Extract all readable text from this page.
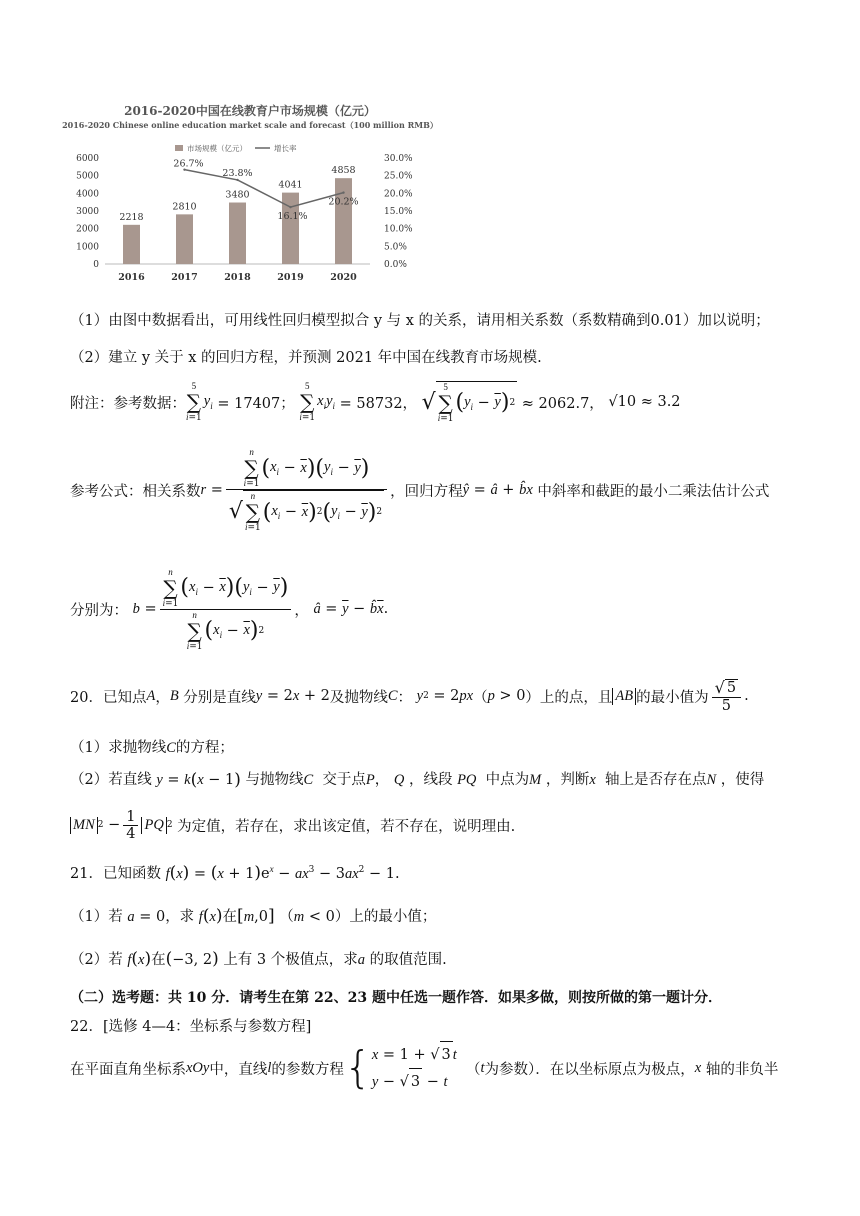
2016-2020中国在线教育户市场规模（亿元）
2016-2020 Chinese online education market scale and forecast（100 million RMB）
市场规模（亿元）	增长率
0
1000
2000
3000
4000
5000
6000
0.0%
5.0%
10.0%
15.0%
20.0%
25.0%
30.0%
2218
2810
3480
4041
4858
2016	2017	2018	2019	2020
26.7%
23.8%
16.1%
20.2%
（1）由图中数据看出，可用线性回归模型拟合 y 与 x 的关系，请用相关系数（系数精确到0.01）加以说明；
（2）建立 y 关于 x 的回归方程，并预测 2021 年中国在线教育市场规模.
附注：参考数据：
5
∑
i=1
$y_i$
= 17407；

5
∑
i=1
$x_iy_i$
= 58732，
√
5
∑
i=1
( $y_i - \overline{y}$ ) 2
≈ 2062.7，
√10 ≈ 3.2
参考公式：相关系数 r = n
∑
i=1
( $x_i - \overline{x}$ ) ( $y_i - \overline{y}$ )
√
n
∑
i=1
( $x_i - \overline{x}$ ) 2 ( $y_i - \overline{y}$ ) 2 ，回归方程 ŷ = â + b̂x
中斜率和截距的最小二乘法估计公式
分别为：
b = n
∑
i=1
( $x_i - \overline{x}$ ) ( $y_i - \overline{y}$ )
n
∑
i=1
( $x_i - \overline{x}$ ) 2 ， â = $\overline{y}$ − b̂ $\overline{x}$ .
20．已知点 A ， B
分别是直线 y = 2 x + 2 及抛物线 C ： y 2 = 2 px （ p > 0 ）上的点，且 AB 的最小值为 $\frac{√ 5}{5}$ .
（1）求抛物线C的方程；
（2）若直线 y = k(x − 1) 与抛物线C 交于点P， Q ，线段 PQ 中点为M ，判断x 轴上是否存在点N ，使得
MN $2 - \frac{1}{4}$ PQ 2
为定值，若存在，求出该定值，若不存在，说明理由.
21．已知函数 $f(x) = (x + 1)e^x - ax^3 - 3ax^2 - 1$.
（1）若 a = 0，求 f(x)在[m,0] （m < 0）上的最小值；
（2）若 f(x)在(−3, 2) 上有 3 个极值点，求a 的取值范围.
（二）选考题：共 10 分．请考生在第 22、23 题中任选一题作答．如果多做，则按所做的第一题计分．
22．[选修 4—4：坐标系与参数方程]
在平面直角坐标系 xOy 中，直线 l 的参数方程 { x = 1 + √ 3 t
y − √ 3 − t

（ t 为参数）．在以坐标原点为极点， x
轴的非负半
